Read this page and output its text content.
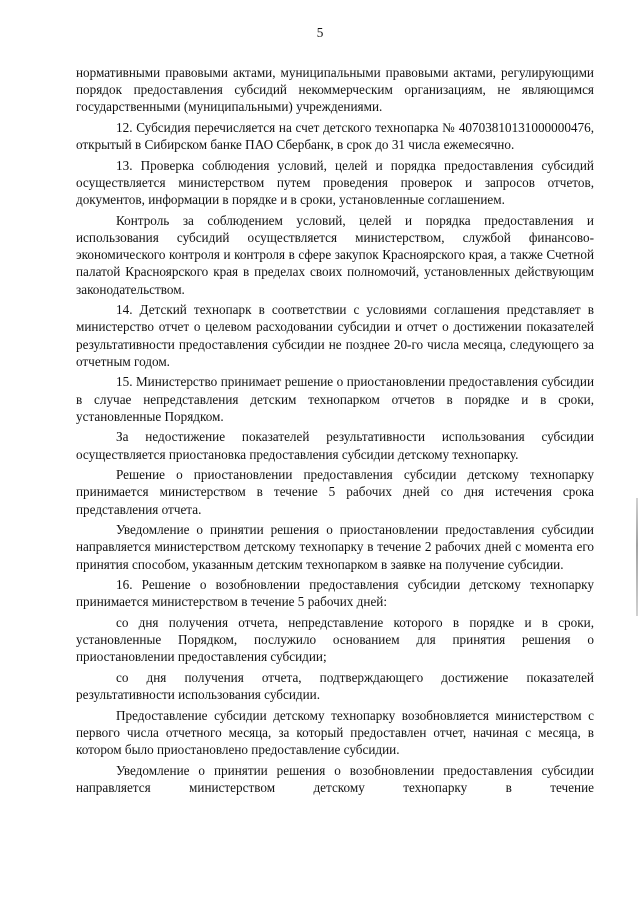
5

нормативными правовыми актами, муниципальными правовыми актами, регулирующими порядок предоставления субсидий некоммерческим организациям, не являющимся государственными (муниципальными) учреждениями.

12. Субсидия перечисляется на счет детского технопарка № 40703810131000000476, открытый в Сибирском банке ПАО Сбербанк, в срок до 31 числа ежемесячно.

13. Проверка соблюдения условий, целей и порядка предоставления субсидий осуществляется министерством путем проведения проверок и запросов отчетов, документов, информации в порядке и в сроки, установленные соглашением.

Контроль за соблюдением условий, целей и порядка предоставления и использования субсидий осуществляется министерством, службой финансово-экономического контроля и контроля в сфере закупок Красноярского края, а также Счетной палатой Красноярского края в пределах своих полномочий, установленных действующим законодательством.

14. Детский технопарк в соответствии с условиями соглашения представляет в министерство отчет о целевом расходовании субсидии и отчет о достижении показателей результативности предоставления субсидии не позднее 20-го числа месяца, следующего за отчетным годом.

15. Министерство принимает решение о приостановлении предоставления субсидии в случае непредставления детским технопарком отчетов в порядке и в сроки, установленные Порядком.

За недостижение показателей результативности использования субсидии осуществляется приостановка предоставления субсидии детскому технопарку.

Решение о приостановлении предоставления субсидии детскому технопарку принимается министерством в течение 5 рабочих дней со дня истечения срока представления отчета.

Уведомление о принятии решения о приостановлении предоставления субсидии направляется министерством детскому технопарку в течение 2 рабочих дней с момента его принятия способом, указанным детским технопарком в заявке на получение субсидии.

16. Решение о возобновлении предоставления субсидии детскому технопарку принимается министерством в течение 5 рабочих дней:

со дня получения отчета, непредставление которого в порядке и в сроки, установленные Порядком, послужило основанием для принятия решения о приостановлении предоставления субсидии;

со дня получения отчета, подтверждающего достижение показателей результативности использования субсидии.

Предоставление субсидии детскому технопарку возобновляется министерством с первого числа отчетного месяца, за который предоставлен отчет, начиная с месяца, в котором было приостановлено предоставление субсидии.

Уведомление о принятии решения о возобновлении предоставления субсидии направляется министерством детскому технопарку в течение
